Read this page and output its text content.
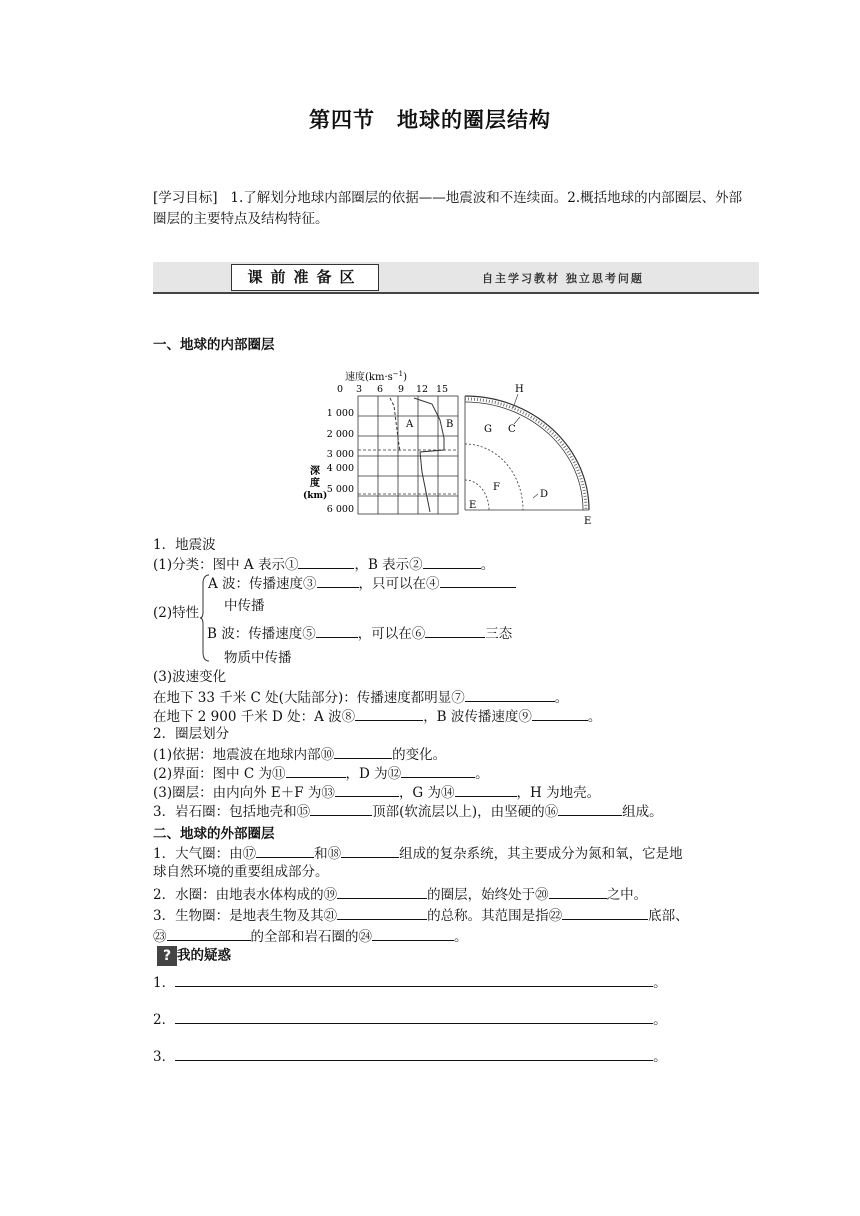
第四节　地球的圈层结构
[学习目标] 1.了解划分地球内部圈层的依据——地震波和不连续面。2.概括地球的内部圈层、外部圈层的主要特点及结构特征。
课前准备区	自主学习教材 独立思考问题
一、地球的内部圈层
速度$(km\cdot s^{-1})$
0 3 6 9 12 15
1 000
2 000
3 000
4 000
5 000
6 000
深
度
(km)
A	B
H
G C
F
D
E
E
1．地震波
(1)分类：图中 A 表示①	，B 表示②	。
(2)特性
A 波：传播速度③	，只可以在④
中传播
B 波：传播速度⑤	，可以在⑥	三态
物质中传播
(3)波速变化
在地下 33 千米 C 处(大陆部分)：传播速度都明显⑦	。
在地下 2 900 千米 D 处：A 波⑧	，B 波传播速度⑨	。
2．圈层划分
(1)依据：地震波在地球内部⑩	的变化。
(2)界面：图中 C 为⑪	，D 为⑫	。
(3)圈层：由内向外 E＋F 为⑬	，G 为⑭	，H 为地壳。
3．岩石圈：包括地壳和⑮	顶部(软流层以上)，由坚硬的⑯	组成。
二、地球的外部圈层
1．大气圈：由⑰	和⑱	组成的复杂系统，其主要成分为氮和氧，它是地
球自然环境的重要组成部分。
2．水圈：由地表水体构成的⑲	的圈层，始终处于⑳	之中。
3．生物圈：是地表生物及其㉑	的总称。其范围是指㉒	底部、
㉓	的全部和岩石圈的㉔	。
? 我的疑惑
1．	。
2．	。
3．	。
